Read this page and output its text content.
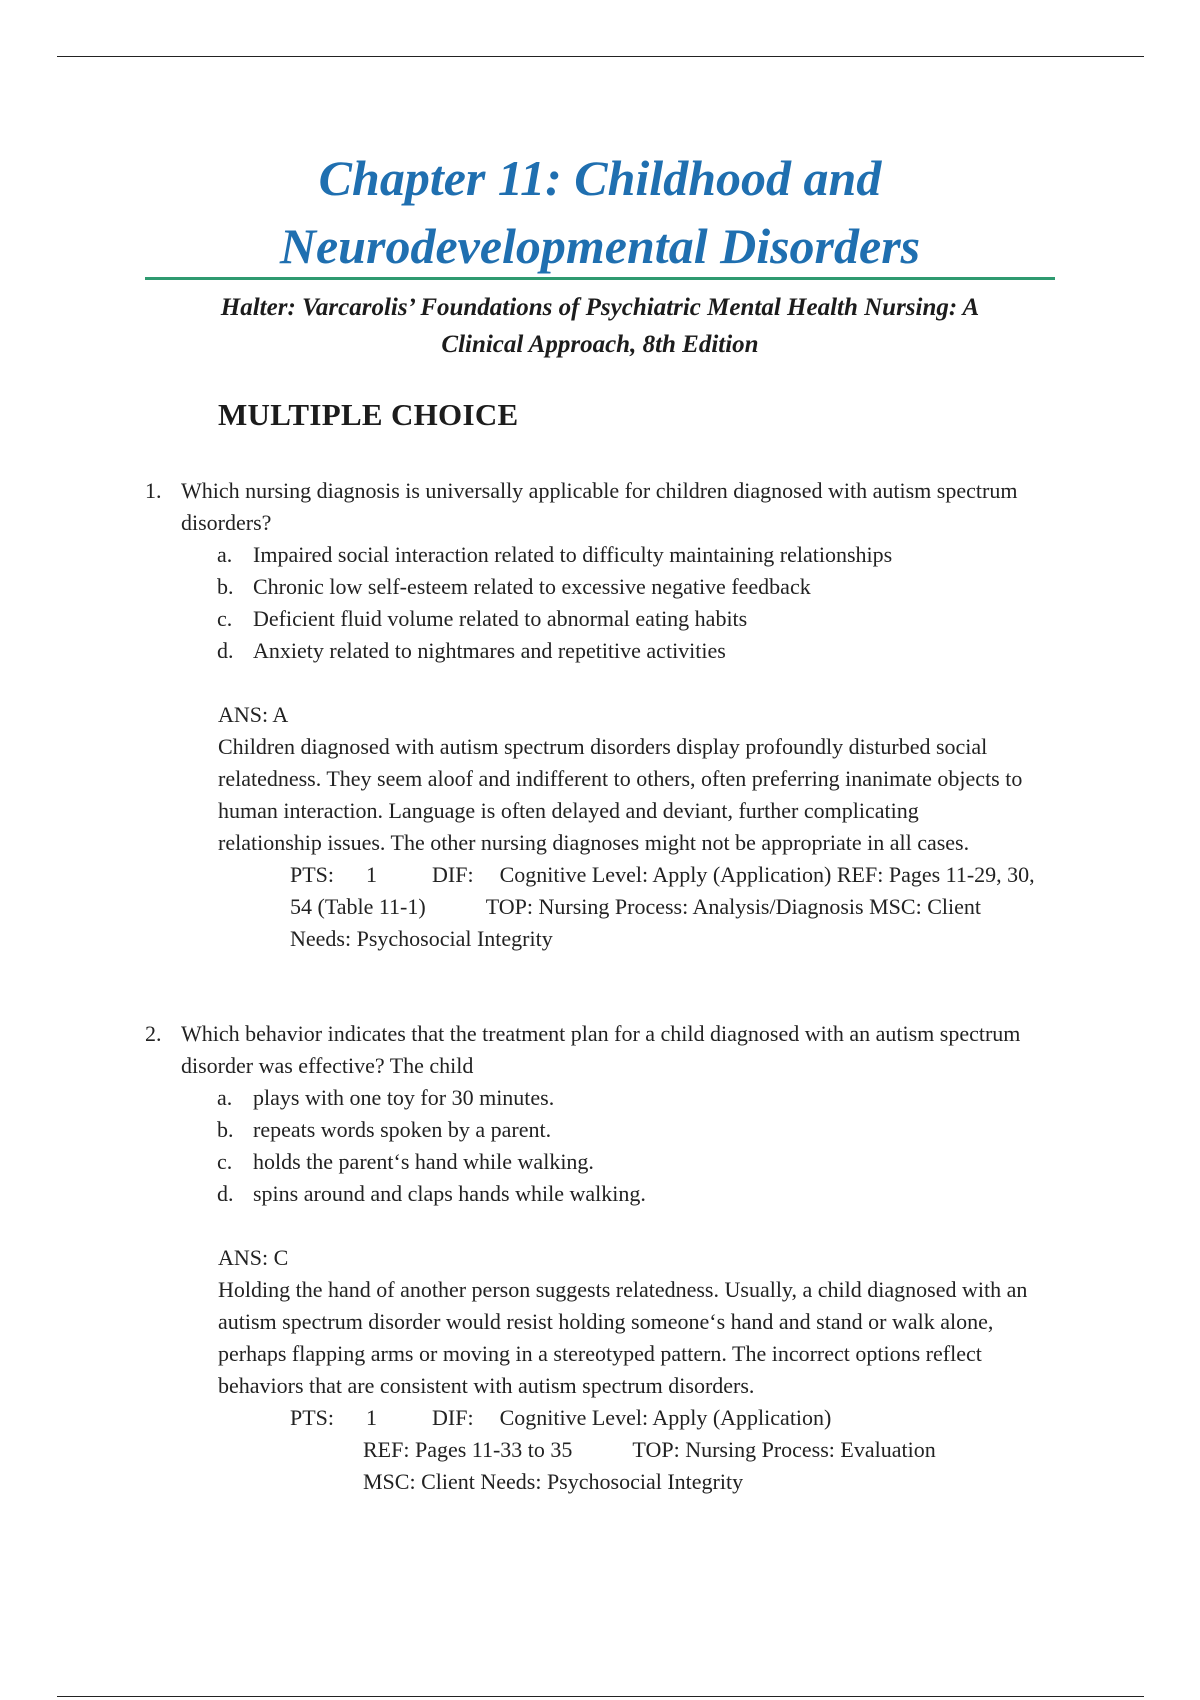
Chapter 11: Childhood and
Neurodevelopmental Disorders

Halter: Varcarolis’ Foundations of Psychiatric Mental Health Nursing: A
Clinical Approach, 8th Edition

MULTIPLE CHOICE
1. Which nursing diagnosis is universally applicable for children diagnosed with autism spectrum disorders?
a. Impaired social interaction related to difficulty maintaining relationships
b. Chronic low self-esteem related to excessive negative feedback
c. Deficient fluid volume related to abnormal eating habits
d. Anxiety related to nightmares and repetitive activities
ANS: A
Children diagnosed with autism spectrum disorders display profoundly disturbed social relatedness. They seem aloof and indifferent to others, often preferring inanimate objects to human interaction. Language is often delayed and deviant, further complicating relationship issues. The other nursing diagnoses might not be appropriate in all cases.
PTS: 1	DIF: Cognitive Level: Apply (Application) REF: Pages 11-29, 30, 54 (Table 11-1)	TOP: Nursing Process: Analysis/Diagnosis MSC: Client Needs: Psychosocial Integrity
2. Which behavior indicates that the treatment plan for a child diagnosed with an autism spectrum disorder was effective? The child
a. plays with one toy for 30 minutes.
b. repeats words spoken by a parent.
c. holds the parent‘s hand while walking.
d. spins around and claps hands while walking.
ANS: C
Holding the hand of another person suggests relatedness. Usually, a child diagnosed with an autism spectrum disorder would resist holding someone‘s hand and stand or walk alone, perhaps flapping arms or moving in a stereotyped pattern. The incorrect options reflect behaviors that are consistent with autism spectrum disorders.
PTS: 1	DIF: Cognitive Level: Apply (Application)
REF: Pages 11-33 to 35	TOP: Nursing Process: Evaluation
MSC: Client Needs: Psychosocial Integrity
